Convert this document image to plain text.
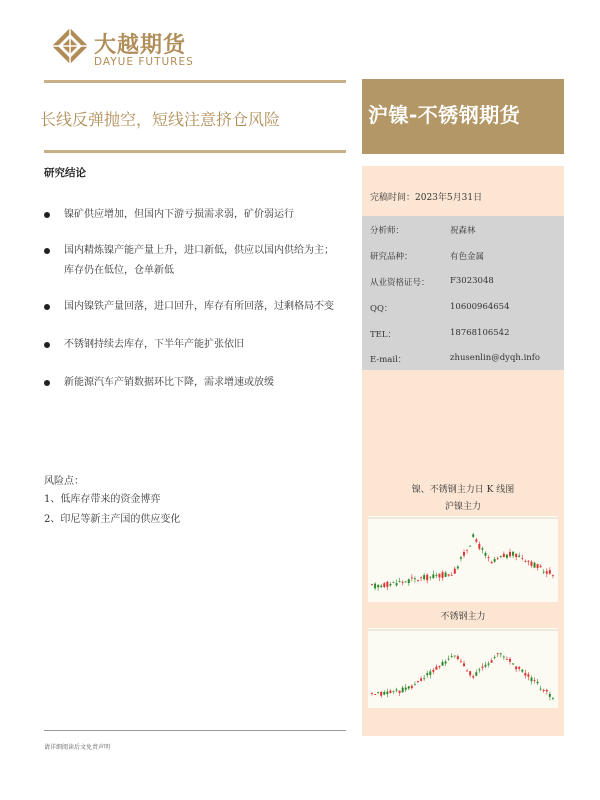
大越期货
DAYUE FUTURES
长线反弹抛空，短线注意挤仓风险	沪镍-不锈钢期货
完稿时间：2023年5月31日
分析师：	祝森林
研究品种：	有色金属
从业资格证号： F3023048
QQ：	10600964654
TEL：	18768106542
E-mail：	zhusenlin@dyqh.info
研究结论
镍矿供应增加，但国内下游亏损需求弱，矿价弱运行
国内精炼镍产能产量上升，进口新低，供应以国内供给为主；
库存仍在低位，仓单新低
国内镍铁产量回落，进口回升，库存有所回落，过剩格局不变
不锈钢持续去库存，下半年产能扩张依旧
新能源汽车产销数据环比下降，需求增速或放缓
风险点：
1、低库存带来的资金博弈
2、印尼等新主产国的供应变化
镍、不锈钢主力日 K 线图
沪镍主力
不锈钢主力
请详细阅读后文免责声明
